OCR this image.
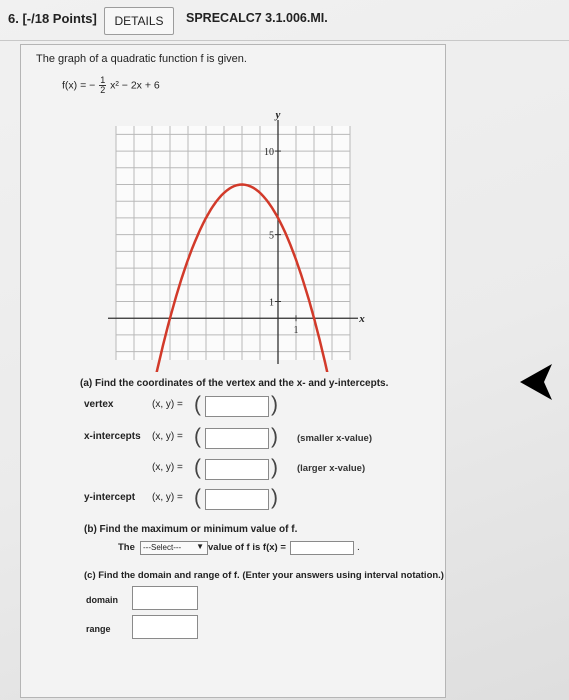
6. [-/18 Points]	DETAILS	SPRECALC7 3.1.006.MI.
The graph of a quadratic function f is given.
f(x) = − $\frac{1}{2} x^2 - 2x + 6$
10
5
1
1
y
x
(a) Find the coordinates of the vertex and the x- and y-intercepts.
vertex	(x, y) = (	)
x-intercepts (x, y) = (	) (smaller x-value)
(x, y) = (	) (larger x-value)
y-intercept (x, y) = (	)
(b) Find the maximum or minimum value of f.
The	---Select--- ▼ value of f is f(x) =	.
(c) Find the domain and range of f. (Enter your answers using interval notation.)
domain
range
